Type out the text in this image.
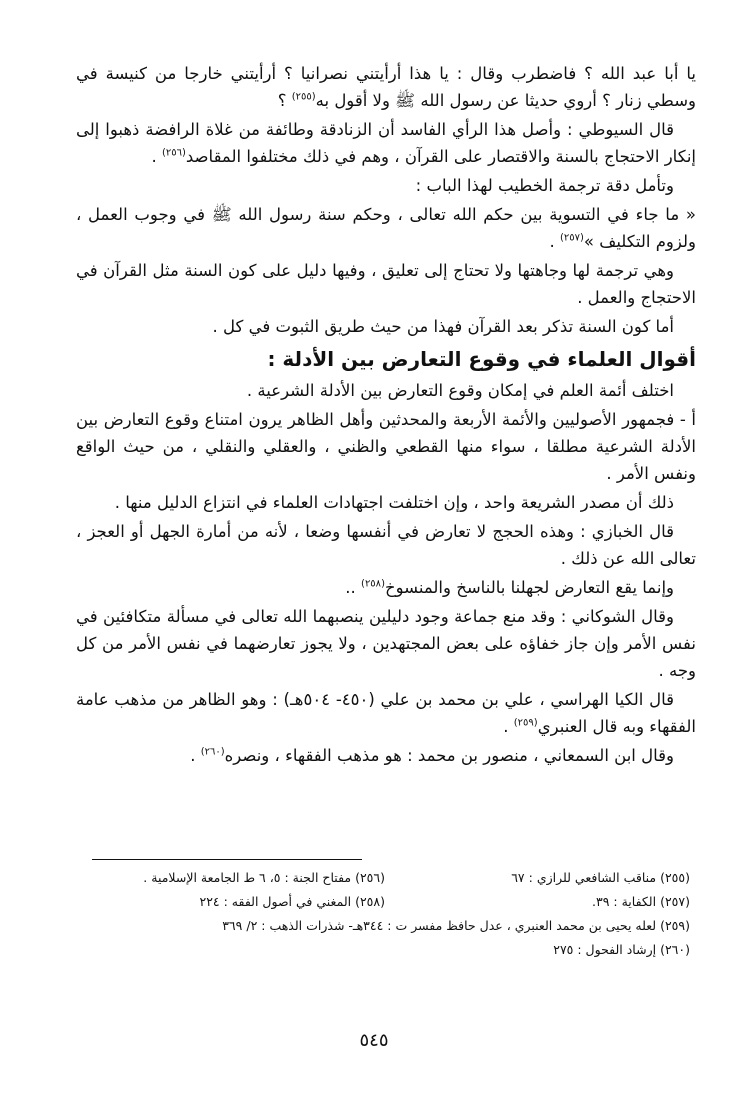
يا أبا عبد الله ؟ فاضطرب وقال : يا هذا أرأيتني نصرانيا ؟ أرأيتني خارجا من كنيسة في وسطي زنار ؟ أروي حديثا عن رسول الله ﷺ ولا أقول به$^{(٢٥٥)}$ ؟

قال السيوطي : وأصل هذا الرأي الفاسد أن الزنادقة وطائفة من غلاة الرافضة ذهبوا إلى إنكار الاحتجاج بالسنة والاقتصار على القرآن ، وهم في ذلك مختلفوا المقاصد$^{(٢٥٦)}$ .

وتأمل دقة ترجمة الخطيب لهذا الباب :

« ما جاء في التسوية بين حكم الله تعالى ، وحكم سنة رسول الله ﷺ في وجوب العمل ، ولزوم التكليف »$^{(٢٥٧)}$ .

وهي ترجمة لها وجاهتها ولا تحتاج إلى تعليق ، وفيها دليل على كون السنة مثل القرآن في الاحتجاج والعمل .

أما كون السنة تذكر بعد القرآن فهذا من حيث طريق الثبوت في كل .

أقوال العلماء في وقوع التعارض بين الأدلة :

اختلف أئمة العلم في إمكان وقوع التعارض بين الأدلة الشرعية .

أ - فجمهور الأصوليين والأئمة الأربعة والمحدثين وأهل الظاهر يرون امتناع وقوع التعارض بين الأدلة الشرعية مطلقا ، سواء منها القطعي والظني ، والعقلي والنقلي ، من حيث الواقع ونفس الأمر .

ذلك أن مصدر الشريعة واحد ، وإن اختلفت اجتهادات العلماء في انتزاع الدليل منها .

قال الخبازي : وهذه الحجج لا تعارض في أنفسها وضعا ، لأنه من أمارة الجهل أو العجز ، تعالى الله عن ذلك .

وإنما يقع التعارض لجهلنا بالناسخ والمنسوخ$^{(٢٥٨)}$ ..

وقال الشوكاني : وقد منع جماعة وجود دليلين ينصبهما الله تعالى في مسألة متكافئين في نفس الأمر وإن جاز خفاؤه على بعض المجتهدين ، ولا يجوز تعارضهما في نفس الأمر من كل وجه .

قال الكيا الهراسي ، علي بن محمد بن علي (٤٥٠- ٥٠٤هـ) : وهو الظاهر من مذهب عامة الفقهاء وبه قال العنبري$^{(٢٥٩)}$ .

وقال ابن السمعاني ، منصور بن محمد : هو مذهب الفقهاء ، ونصره$^{(٢٦٠)}$ .

(٢٥٥) مناقب الشافعي للرازي : ٦٧
(٢٥٦) مفتاح الجنة : ٥، ٦ ط الجامعة الإسلامية .
(٢٥٧) الكفاية : ٣٩.
(٢٥٨) المغني في أصول الفقه : ٢٢٤
(٢٥٩) لعله يحيى بن محمد العنبري ، عدل حافظ مفسر ت : ٣٤٤هـ- شذرات الذهب : ٢/ ٣٦٩
(٢٦٠) إرشاد الفحول : ٢٧٥
٥٤٥
